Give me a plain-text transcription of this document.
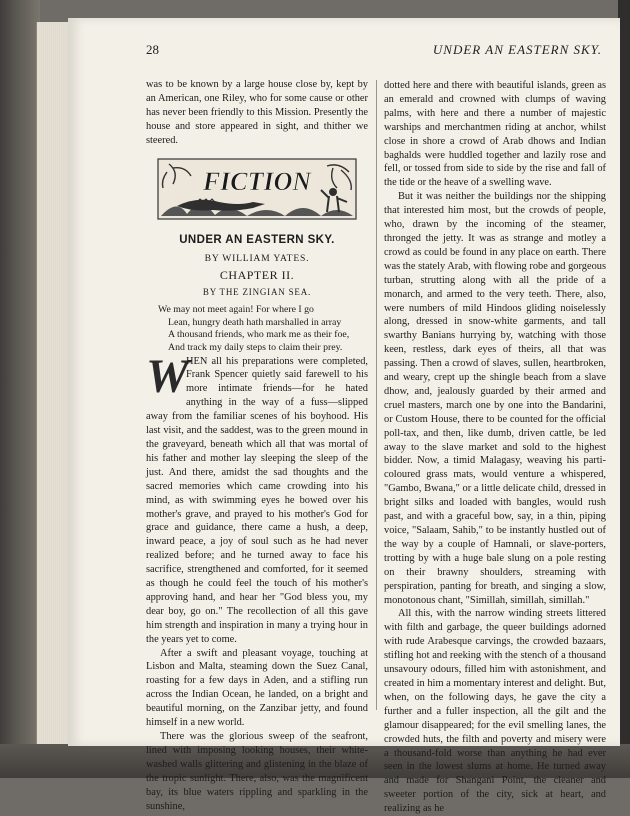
28	UNDER AN EASTERN SKY.

was to be known by a large house close by, kept by an American, one Riley, who for some cause or other has never been friendly to this Mission. Presently the house and store appeared in sight, and thither we steered.

FICTION
UNDER AN EASTERN SKY.
BY WILLIAM YATES.
CHAPTER II.
BY THE ZINGIAN SEA.
We may not meet again! For where I go
Lean, hungry death hath marshalled in array
A thousand friends, who mark me as their foe,
And track my daily steps to claim their prey.

W
HEN all his preparations were completed, Frank Spencer quietly said farewell to his more intimate friends—for he hated anything in the way of a fuss—slipped away from the familiar scenes of his boyhood. His last visit, and the saddest, was to the green mound in the graveyard, beneath which all that was mortal of his father and mother lay sleeping the sleep of the just. And there, amidst the sad thoughts and the sacred memories which came crowding into his mind, as with swimming eyes he bowed over his mother's grave, and prayed to his mother's God for grace and guidance, there came a hush, a deep, inward peace, a joy of soul such as he had never realized before; and he turned away to face his sacrifice, strengthened and comforted, for it seemed as though he could feel the touch of his mother's approving hand, and hear her "God bless you, my dear boy, go on." The recollection of all this gave him strength and inspiration in many a trying hour in the years yet to come.

After a swift and pleasant voyage, touching at Lisbon and Malta, steaming down the Suez Canal, roasting for a few days in Aden, and a stifling run across the Indian Ocean, he landed, on a bright and beautiful morning, on the Zanzibar jetty, and found himself in a new world.

There was the glorious sweep of the seafront, lined with imposing looking houses, their white-washed walls glittering and glistening in the blaze of the tropic sunlight. There, also, was the magnificent bay, its blue waters rippling and sparkling in the sunshine,

dotted here and there with beautiful islands, green as an emerald and crowned with clumps of waving palms, with here and there a number of majestic warships and merchantmen riding at anchor, whilst close in shore a crowd of Arab dhows and Indian baghalds were huddled together and lazily rose and fell, or tossed from side to side by the rise and fall of the tide or the heave of a swelling wave.

But it was neither the buildings nor the shipping that interested him most, but the crowds of people, who, drawn by the incoming of the steamer, thronged the jetty. It was as strange and motley a crowd as could be found in any place on earth. There was the stately Arab, with flowing robe and gorgeous turban, strutting along with all the pride of a monarch, and armed to the very teeth. There, also, were numbers of mild Hindoos gliding noiselessly along, dressed in snow-white garments, and tall swarthy Banians hurrying by, watching with those keen, restless, dark eyes of theirs, all that was passing. Then a crowd of slaves, sullen, heartbroken, and weary, crept up the shingle beach from a slave dhow, and, jealously guarded by their armed and cruel masters, march one by one into the Bandarini, or Custom House, there to be counted for the official poll-tax, and then, like dumb, driven cattle, be led away to the slave market and sold to the highest bidder. Now, a timid Malagasy, weaving his parti-coloured grass mats, would venture a whispered, "Gambo, Bwana," or a little delicate child, dressed in bright silks and loaded with bangles, would rush past, and with a graceful bow, say, in a thin, piping voice, "Salaam, Sahib," to be instantly hustled out of the way by a couple of Hamnali, or slave-porters, trotting by with a huge bale slung on a pole resting on their brawny shoulders, streaming with perspiration, panting for breath, and singing a slow, monotonous chant, "Simillah, simillah, simillah."

All this, with the narrow winding streets littered with filth and garbage, the queer buildings adorned with rude Arabesque carvings, the crowded bazaars, stifling hot and reeking with the stench of a thousand unsavoury odours, filled him with astonishment, and created in him a momentary interest and delight. But, when, on the following days, he gave the city a further and a fuller inspection, all the gilt and the glamour disappeared; for the evil smelling lanes, the crowded huts, the filth and poverty and misery were a thousand-fold worse than anything he had ever seen in the lowest slums at home. He turned away and made for Shangani Point, the cleaner and sweeter portion of the city, sick at heart, and realizing as he
